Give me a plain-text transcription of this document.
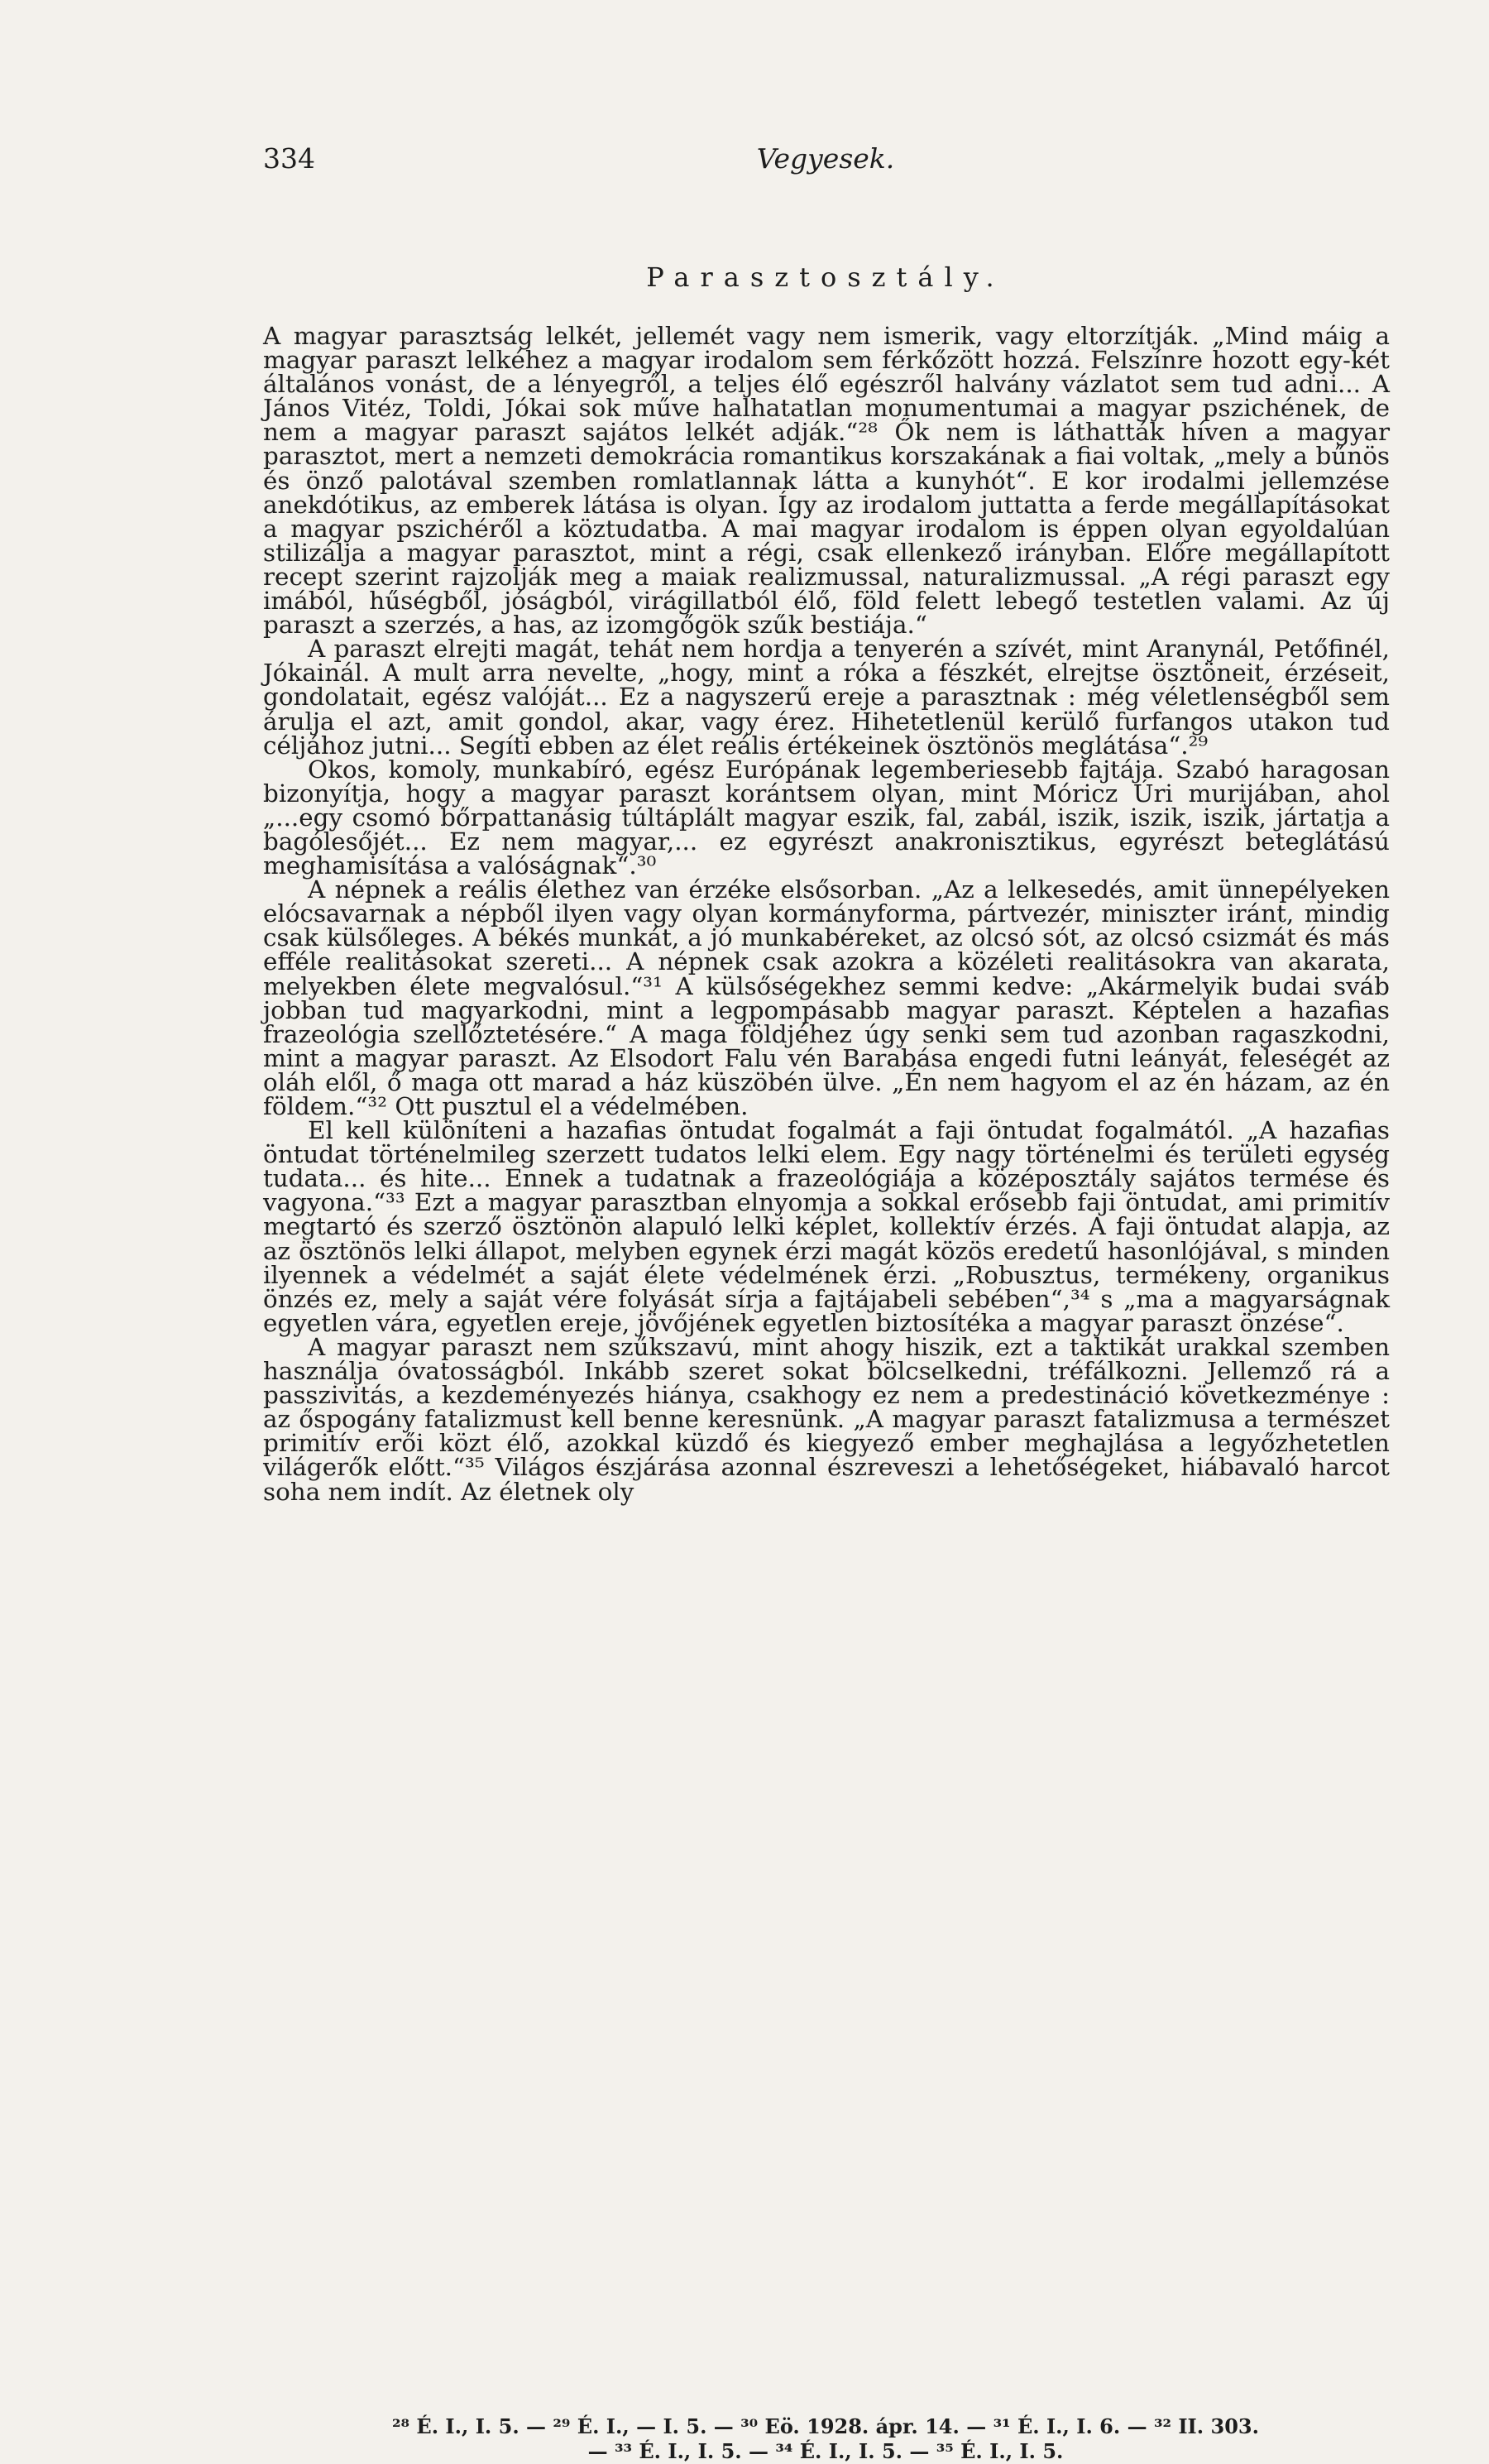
334	Vegyesek.
Parasztosztály.

A magyar parasztság lelkét, jellemét vagy nem ismerik, vagy eltorzítják. „Mind máig a magyar paraszt lelkéhez a magyar irodalom sem férkőzött hozzá. Felszínre hozott egy-két általános vonást, de a lényegről, a teljes élő egészről halvány vázlatot sem tud adni... A János Vitéz, Toldi, Jókai sok műve halhatatlan monumentumai a magyar pszichének, de nem a magyar paraszt sajátos lelkét adják.“²⁸ Ők nem is láthatták híven a magyar parasztot, mert a nemzeti demokrácia romantikus korszakának a fiai voltak, „mely a bűnös és önző palotával szemben romlatlannak látta a kunyhót“. E kor irodalmi jellemzése anekdótikus, az emberek látása is olyan. Így az irodalom juttatta a ferde megállapításokat a magyar pszichéről a köztudatba. A mai magyar irodalom is éppen olyan egyoldalúan stilizálja a magyar parasztot, mint a régi, csak ellenkező irányban. Előre megállapított recept szerint rajzolják meg a maiak realizmussal, naturalizmussal. „A régi paraszt egy imából, hűségből, jóságból, virágillatból élő, föld felett lebegő testetlen valami. Az új paraszt a szerzés, a has, az izomgőgök szűk bestiája.“

A paraszt elrejti magát, tehát nem hordja a tenyerén a szívét, mint Aranynál, Petőfinél, Jókainál. A mult arra nevelte, „hogy, mint a róka a fészkét, elrejtse ösztöneit, érzéseit, gondolatait, egész valóját... Ez a nagyszerű ereje a parasztnak : még véletlenségből sem árulja el azt, amit gondol, akar, vagy érez. Hihetetlenül kerülő furfangos utakon tud céljához jutni... Segíti ebben az élet reális értékeinek ösztönös meglátása“.²⁹

Okos, komoly, munkabíró, egész Európának legemberiesebb fajtája. Szabó haragosan bizonyítja, hogy a magyar paraszt korántsem olyan, mint Móricz Úri murijában, ahol „...egy csomó bőrpattanásig túltáplált magyar eszik, fal, zabál, iszik, iszik, iszik, jártatja a bagólesőjét... Ez nem magyar,... ez egyrészt anakronisztikus, egyrészt beteglátású meghamisítása a valóságnak“.³⁰

A népnek a reális élethez van érzéke elsősorban. „Az a lelkesedés, amit ünnepélyeken elócsavarnak a népből ilyen vagy olyan kormányforma, pártvezér, miniszter iránt, mindig csak külsőleges. A békés munkát, a jó munkabéreket, az olcsó sót, az olcsó csizmát és más efféle realitásokat szereti... A népnek csak azokra a közéleti realitásokra van akarata, melyekben élete megvalósul.“³¹ A külsőségekhez semmi kedve: „Akármelyik budai sváb jobban tud magyarkodni, mint a legpompásabb magyar paraszt. Képtelen a hazafias frazeológia szellőztetésére.“ A maga földjéhez úgy senki sem tud azonban ragaszkodni, mint a magyar paraszt. Az Elsodort Falu vén Barabása engedi futni leányát, feleségét az oláh elől, ő maga ott marad a ház küszöbén ülve. „Én nem hagyom el az én házam, az én földem.“³² Ott pusztul el a védelmében.

El kell különíteni a hazafias öntudat fogalmát a faji öntudat fogalmától. „A hazafias öntudat történelmileg szerzett tudatos lelki elem. Egy nagy történelmi és területi egység tudata... és hite... Ennek a tudatnak a frazeológiája a középosztály sajátos termése és vagyona.“³³ Ezt a magyar parasztban elnyomja a sokkal erősebb faji öntudat, ami primitív megtartó és szerző ösztönön alapuló lelki képlet, kollektív érzés. A faji öntudat alapja, az az ösztönös lelki állapot, melyben egynek érzi magát közös eredetű hasonlójával, s minden ilyennek a védelmét a saját élete védelmének érzi. „Robusztus, termékeny, organikus önzés ez, mely a saját vére folyását sírja a fajtájabeli sebében“,³⁴ s „ma a magyarságnak egyetlen vára, egyetlen ereje, jövőjének egyetlen biztosítéka a magyar paraszt önzése“.

A magyar paraszt nem szűkszavú, mint ahogy hiszik, ezt a taktikát urakkal szemben használja óvatosságból. Inkább szeret sokat bölcselkedni, tréfálkozni. Jellemző rá a passzivitás, a kezdeményezés hiánya, csakhogy ez nem a predestináció következménye : az őspogány fatalizmust kell benne keresnünk. „A magyar paraszt fatalizmusa a természet primitív erői közt élő, azokkal küzdő és kiegyező ember meghajlása a legyőzhetetlen világerők előtt.“³⁵ Világos észjárása azonnal észreveszi a lehetőségeket, hiábavaló harcot soha nem indít. Az életnek oly

²⁸ É. I., I. 5. — ²⁹ É. I., — I. 5. — ³⁰ Eö. 1928. ápr. 14. — ³¹ É. I., I. 6. — ³² II. 303.
— ³³ É. I., I. 5. — ³⁴ É. I., I. 5. — ³⁵ É. I., I. 5.
